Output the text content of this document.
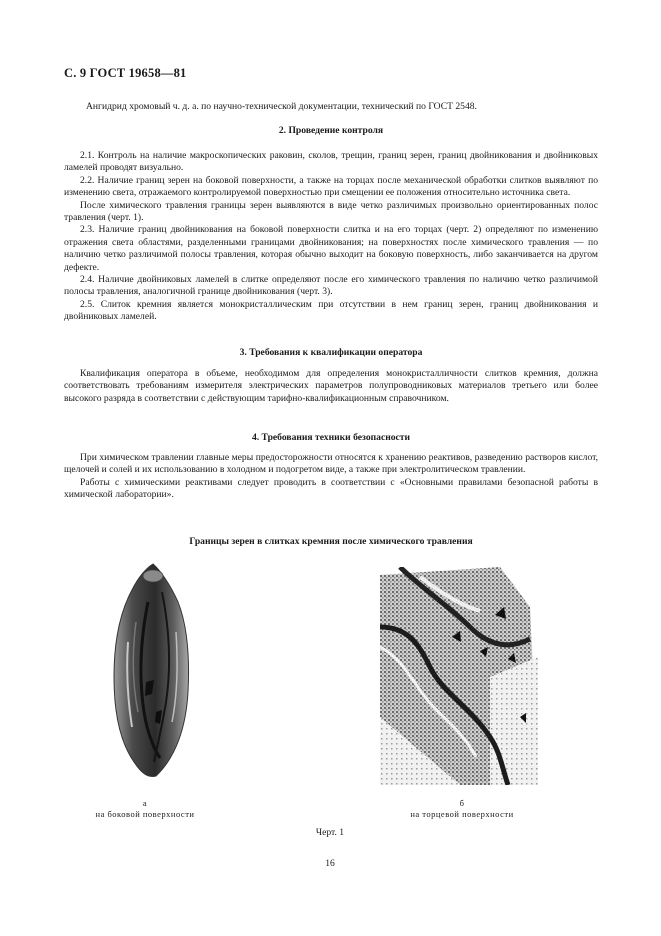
С. 9 ГОСТ 19658—81
Ангидрид хромовый ч. д. а. по научно-технической документации, технический по ГОСТ 2548.
2. Проведение контроля

2.1. Контроль на наличие макроскопических раковин, сколов, трещин, границ зерен, границ двойникования и двойниковых ламелей проводят визуально.

2.2. Наличие границ зерен на боковой поверхности, а также на торцах после механической обработки слитков выявляют по изменению света, отражаемого контролируемой поверхностью при смещении ее положения относительно источника света.

После химического травления границы зерен выявляются в виде четко различимых произвольно ориентированных полос травления (черт. 1).

2.3. Наличие границ двойникования на боковой поверхности слитка и на его торцах (черт. 2) определяют по изменению отражения света областями, разделенными границами двойникования; на поверхностях после химического травления — по наличию четко различимой полосы травления, которая обычно выходит на боковую поверхность, либо заканчивается на другом дефекте.

2.4. Наличие двойниковых ламелей в слитке определяют после его химического травления по наличию четко различимой полосы травления, аналогичной границе двойникования (черт. 3).

2.5. Слиток кремния является монокристаллическим при отсутствии в нем границ зерен, границ двойникования и двойниковых ламелей.

3. Требования к квалификации оператора

Квалификация оператора в объеме, необходимом для определения монокристалличности слитков кремния, должна соответствовать требованиям измерителя электрических параметров полупроводниковых материалов третьего или более высокого разряда в соответствии с действующим тарифно-квалификационным справочником.

4. Требования техники безопасности

При химическом травлении главные меры предосторожности относятся к хранению реактивов, разведению растворов кислот, щелочей и солей и их использованию в холодном и подогретом виде, а также при электролитическом травлении.

Работы с химическими реактивами следует проводить в соответствии с «Основными правилами безопасной работы в химической лаборатории».

Границы зерен в слитках кремния после химического травления
а
на боковой поверхности
б
на торцевой поверхности
Черт. 1
16
